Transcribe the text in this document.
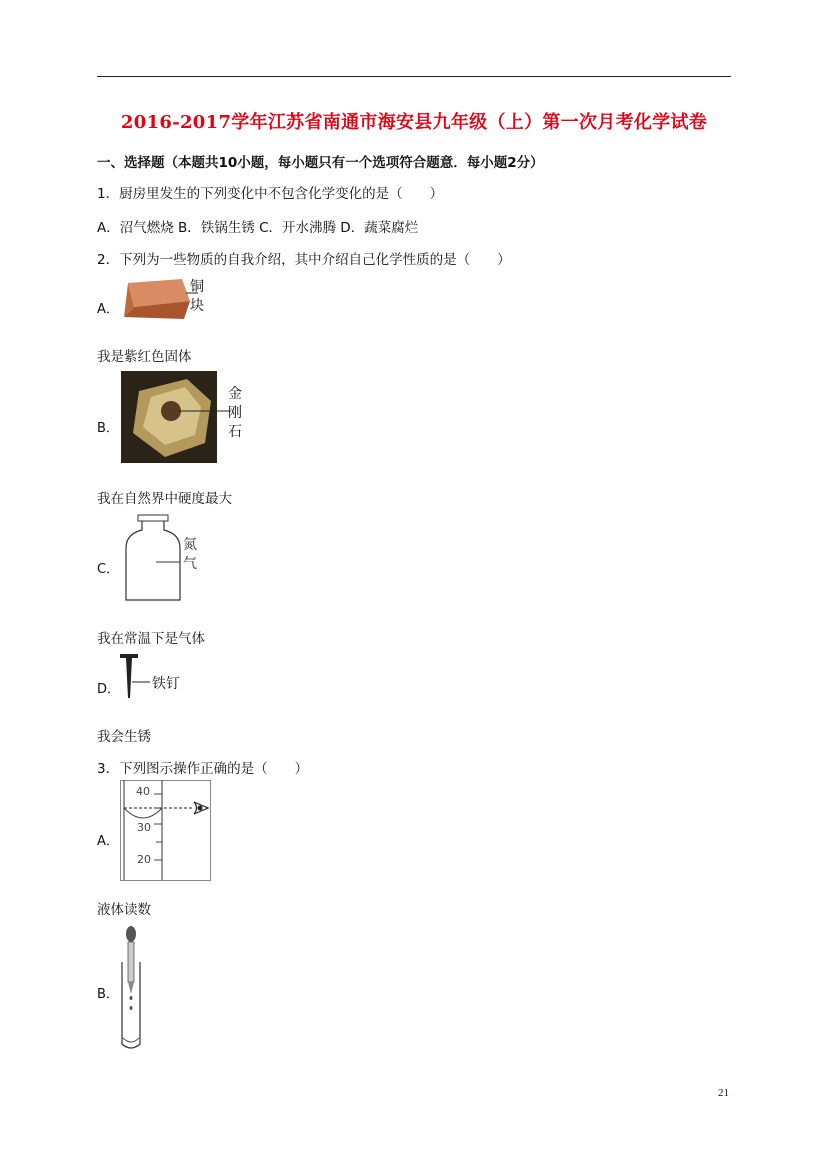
2016-2017学年江苏省南通市海安县九年级（上）第一次月考化学试卷
一、选择题（本题共10小题，每小题只有一个选项符合题意．每小题2分）
1．厨房里发生的下列变化中不包含化学变化的是（　　）
A．沼气燃烧 B．铁锅生锈 C．开水沸腾 D．蔬菜腐烂
2．下列为一些物质的自我介绍，其中介绍自己化学性质的是（　　）
A．
铜
块
我是紫红色固体
B．
金
刚
石
我在自然界中硬度最大
C．
氮
气
我在常温下是气体
D． 铁钉
我会生锈
3．下列图示操作正确的是（　　）
A．
40
30
20
液体读数
B．
21
